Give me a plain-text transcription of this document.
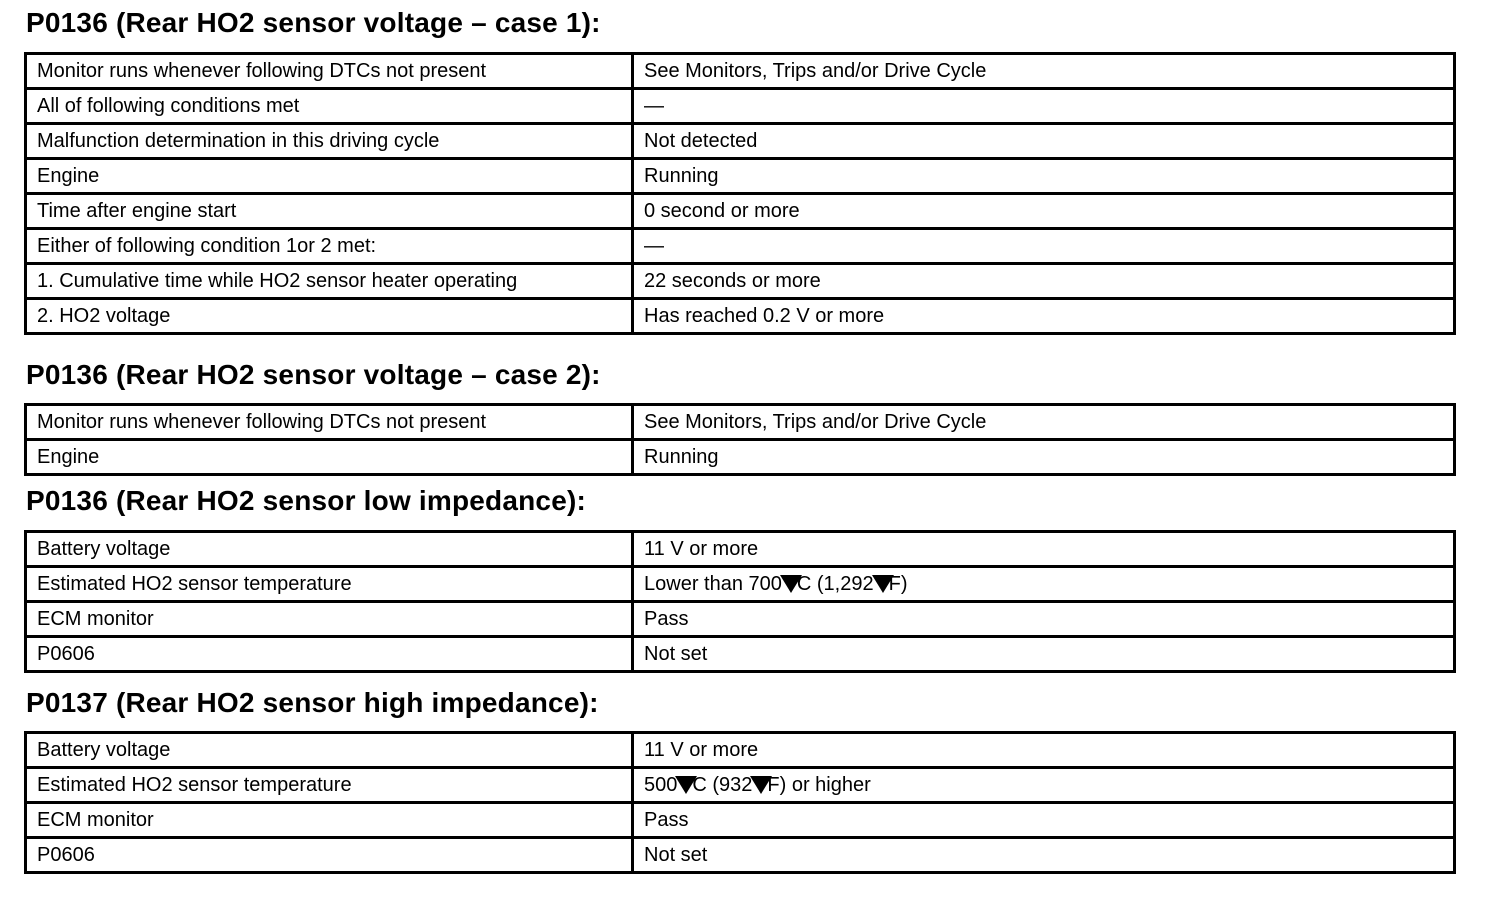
P0136 (Rear HO2 sensor voltage – case 1):
Monitor runs whenever following DTCs not present	See Monitors, Trips and/or Drive Cycle
All of following conditions met	—
Malfunction determination in this driving cycle	Not detected
Engine	Running
Time after engine start	0 second or more
Either of following condition 1or 2 met:	—
1. Cumulative time while HO2 sensor heater operating	22 seconds or more
2. HO2 voltage	Has reached 0.2 V or more
P0136 (Rear HO2 sensor voltage – case 2):
Monitor runs whenever following DTCs not present	See Monitors, Trips and/or Drive Cycle
Engine	Running
P0136 (Rear HO2 sensor low impedance):
Battery voltage	11 V or more
Estimated HO2 sensor temperature	Lower than 700 C (1,292 F)
ECM monitor	Pass
P0606	Not set
P0137 (Rear HO2 sensor high impedance):
Battery voltage	11 V or more
Estimated HO2 sensor temperature	500 C (932 F) or higher
ECM monitor	Pass
P0606	Not set
